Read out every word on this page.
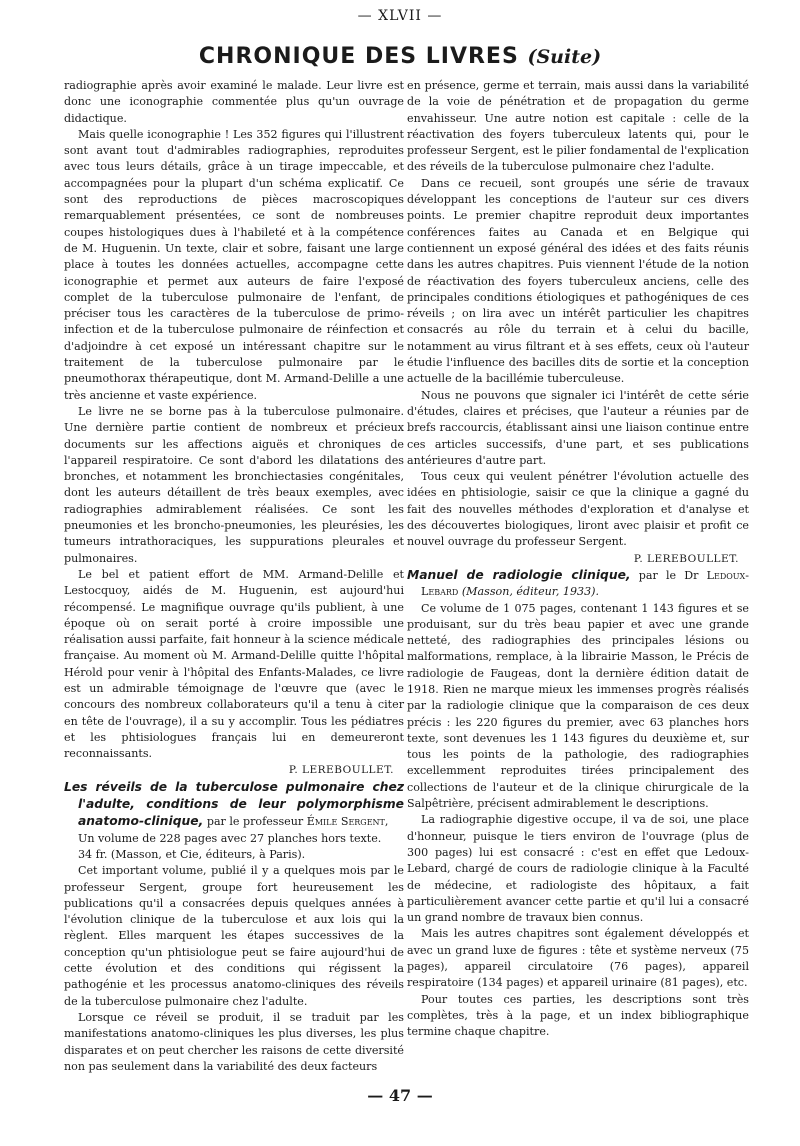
— XLVII —
CHRONIQUE DES LIVRES (Suite)

radiographie après avoir examiné le malade. Leur livre est donc une iconographie commentée plus qu'un ouvrage didactique.

Mais quelle iconographie ! Les 352 figures qui l'illustrent sont avant tout d'admirables radiographies, reproduites avec tous leurs détails, grâce à un tirage impeccable, et accompagnées pour la plupart d'un schéma explicatif. Ce sont des reproductions de pièces macroscopiques remarquablement présentées, ce sont de nombreuses coupes histologiques dues à l'habileté et à la compétence de M. Huguenin. Un texte, clair et sobre, faisant une large place à toutes les données actuelles, accompagne cette iconographie et permet aux auteurs de faire l'exposé complet de la tuberculose pulmonaire de l'enfant, de préciser tous les caractères de la tuberculose de primo-infection et de la tuberculose pulmonaire de réinfection et d'adjoindre à cet exposé un intéressant chapitre sur le traitement de la tuberculose pulmonaire par le pneumothorax thérapeutique, dont M. Armand-Delille a une très ancienne et vaste expérience.

Le livre ne se borne pas à la tuberculose pulmonaire. Une dernière partie contient de nombreux et précieux documents sur les affections aiguës et chroniques de l'appareil respiratoire. Ce sont d'abord les dilatations des bronches, et notamment les bronchiectasies congénitales, dont les auteurs détaillent de très beaux exemples, avec radiographies admirablement réalisées. Ce sont les pneumonies et les broncho-pneumonies, les pleurésies, les tumeurs intrathoraciques, les suppurations pleurales et pulmonaires.

Le bel et patient effort de MM. Armand-Delille et Lestocquoy, aidés de M. Huguenin, est aujourd'hui récompensé. Le magnifique ouvrage qu'ils publient, à une époque où on serait porté à croire impossible une réalisation aussi parfaite, fait honneur à la science médicale française. Au moment où M. Armand-Delille quitte l'hôpital Hérold pour venir à l'hôpital des Enfants-Malades, ce livre est un admirable témoignage de l'œuvre que (avec le concours des nombreux collaborateurs qu'il a tenu à citer en tête de l'ouvrage), il a su y accomplir. Tous les pédiatres et les phtisiologues français lui en demeureront reconnaissants.

P. LEREBOULLET.

Les réveils de la tuberculose pulmonaire chez l'adulte, conditions de leur polymorphisme anatomo-clinique, par le professeur Émile Sergent,

Un volume de 228 pages avec 27 planches hors texte.

34 fr. (Masson, et Cie, éditeurs, à Paris).

Cet important volume, publié il y a quelques mois par le professeur Sergent, groupe fort heureusement les publications qu'il a consacrées depuis quelques années à l'évolution clinique de la tuberculose et aux lois qui la règlent. Elles marquent les étapes successives de la conception qu'un phtisiologue peut se faire aujourd'hui de cette évolution et des conditions qui régissent la pathogénie et les processus anatomo-cliniques des réveils de la tuberculose pulmonaire chez l'adulte.

Lorsque ce réveil se produit, il se traduit par les manifestations anatomo-cliniques les plus diverses, les plus disparates et on peut chercher les raisons de cette diversité non pas seulement dans la variabilité des deux facteurs

en présence, germe et terrain, mais aussi dans la variabilité de la voie de pénétration et de propagation du germe envahisseur. Une autre notion est capitale : celle de la réactivation des foyers tuberculeux latents qui, pour le professeur Sergent, est le pilier fondamental de l'explication des réveils de la tuberculose pulmonaire chez l'adulte.

Dans ce recueil, sont groupés une série de travaux développant les conceptions de l'auteur sur ces divers points. Le premier chapitre reproduit deux importantes conférences faites au Canada et en Belgique qui contiennent un exposé général des idées et des faits réunis dans les autres chapitres. Puis viennent l'étude de la notion de réactivation des foyers tuberculeux anciens, celle des principales conditions étiologiques et pathogéniques de ces réveils ; on lira avec un intérêt particulier les chapitres consacrés au rôle du terrain et à celui du bacille, notamment au virus filtrant et à ses effets, ceux où l'auteur étudie l'influence des bacilles dits de sortie et la conception actuelle de la bacillémie tuberculeuse.

Nous ne pouvons que signaler ici l'intérêt de cette série d'études, claires et précises, que l'auteur a réunies par de brefs raccourcis, établissant ainsi une liaison continue entre ces articles successifs, d'une part, et ses publications antérieures d'autre part.

Tous ceux qui veulent pénétrer l'évolution actuelle des idées en phtisiologie, saisir ce que la clinique a gagné du fait des nouvelles méthodes d'exploration et d'analyse et des découvertes biologiques, liront avec plaisir et profit ce nouvel ouvrage du professeur Sergent.

P. LEREBOULLET.

Manuel de radiologie clinique, par le Dr Ledoux-Lebard (Masson, éditeur, 1933).

Ce volume de 1 075 pages, contenant 1 143 figures et se produisant, sur du très beau papier et avec une grande netteté, des radiographies des principales lésions ou malformations, remplace, à la librairie Masson, le Précis de radiologie de Faugeas, dont la dernière édition datait de 1918. Rien ne marque mieux les immenses progrès réalisés par la radiologie clinique que la comparaison de ces deux précis : les 220 figures du premier, avec 63 planches hors texte, sont devenues les 1 143 figures du deuxième et, sur tous les points de la pathologie, des radiographies excellemment reproduites tirées principalement des collections de l'auteur et de la clinique chirurgicale de la Salpêtrière, précisent admirablement le descriptions.

La radiographie digestive occupe, il va de soi, une place d'honneur, puisque le tiers environ de l'ouvrage (plus de 300 pages) lui est consacré : c'est en effet que Ledoux-Lebard, chargé de cours de radiologie clinique à la Faculté de médecine, et radiologiste des hôpitaux, a fait particulièrement avancer cette partie et qu'il lui a consacré un grand nombre de travaux bien connus.

Mais les autres chapitres sont également développés et avec un grand luxe de figures : tête et système nerveux (75 pages), appareil circulatoire (76 pages), appareil respiratoire (134 pages) et appareil urinaire (81 pages), etc.

Pour toutes ces parties, les descriptions sont très complètes, très à la page, et un index bibliographique termine chaque chapitre.

— 47 —
